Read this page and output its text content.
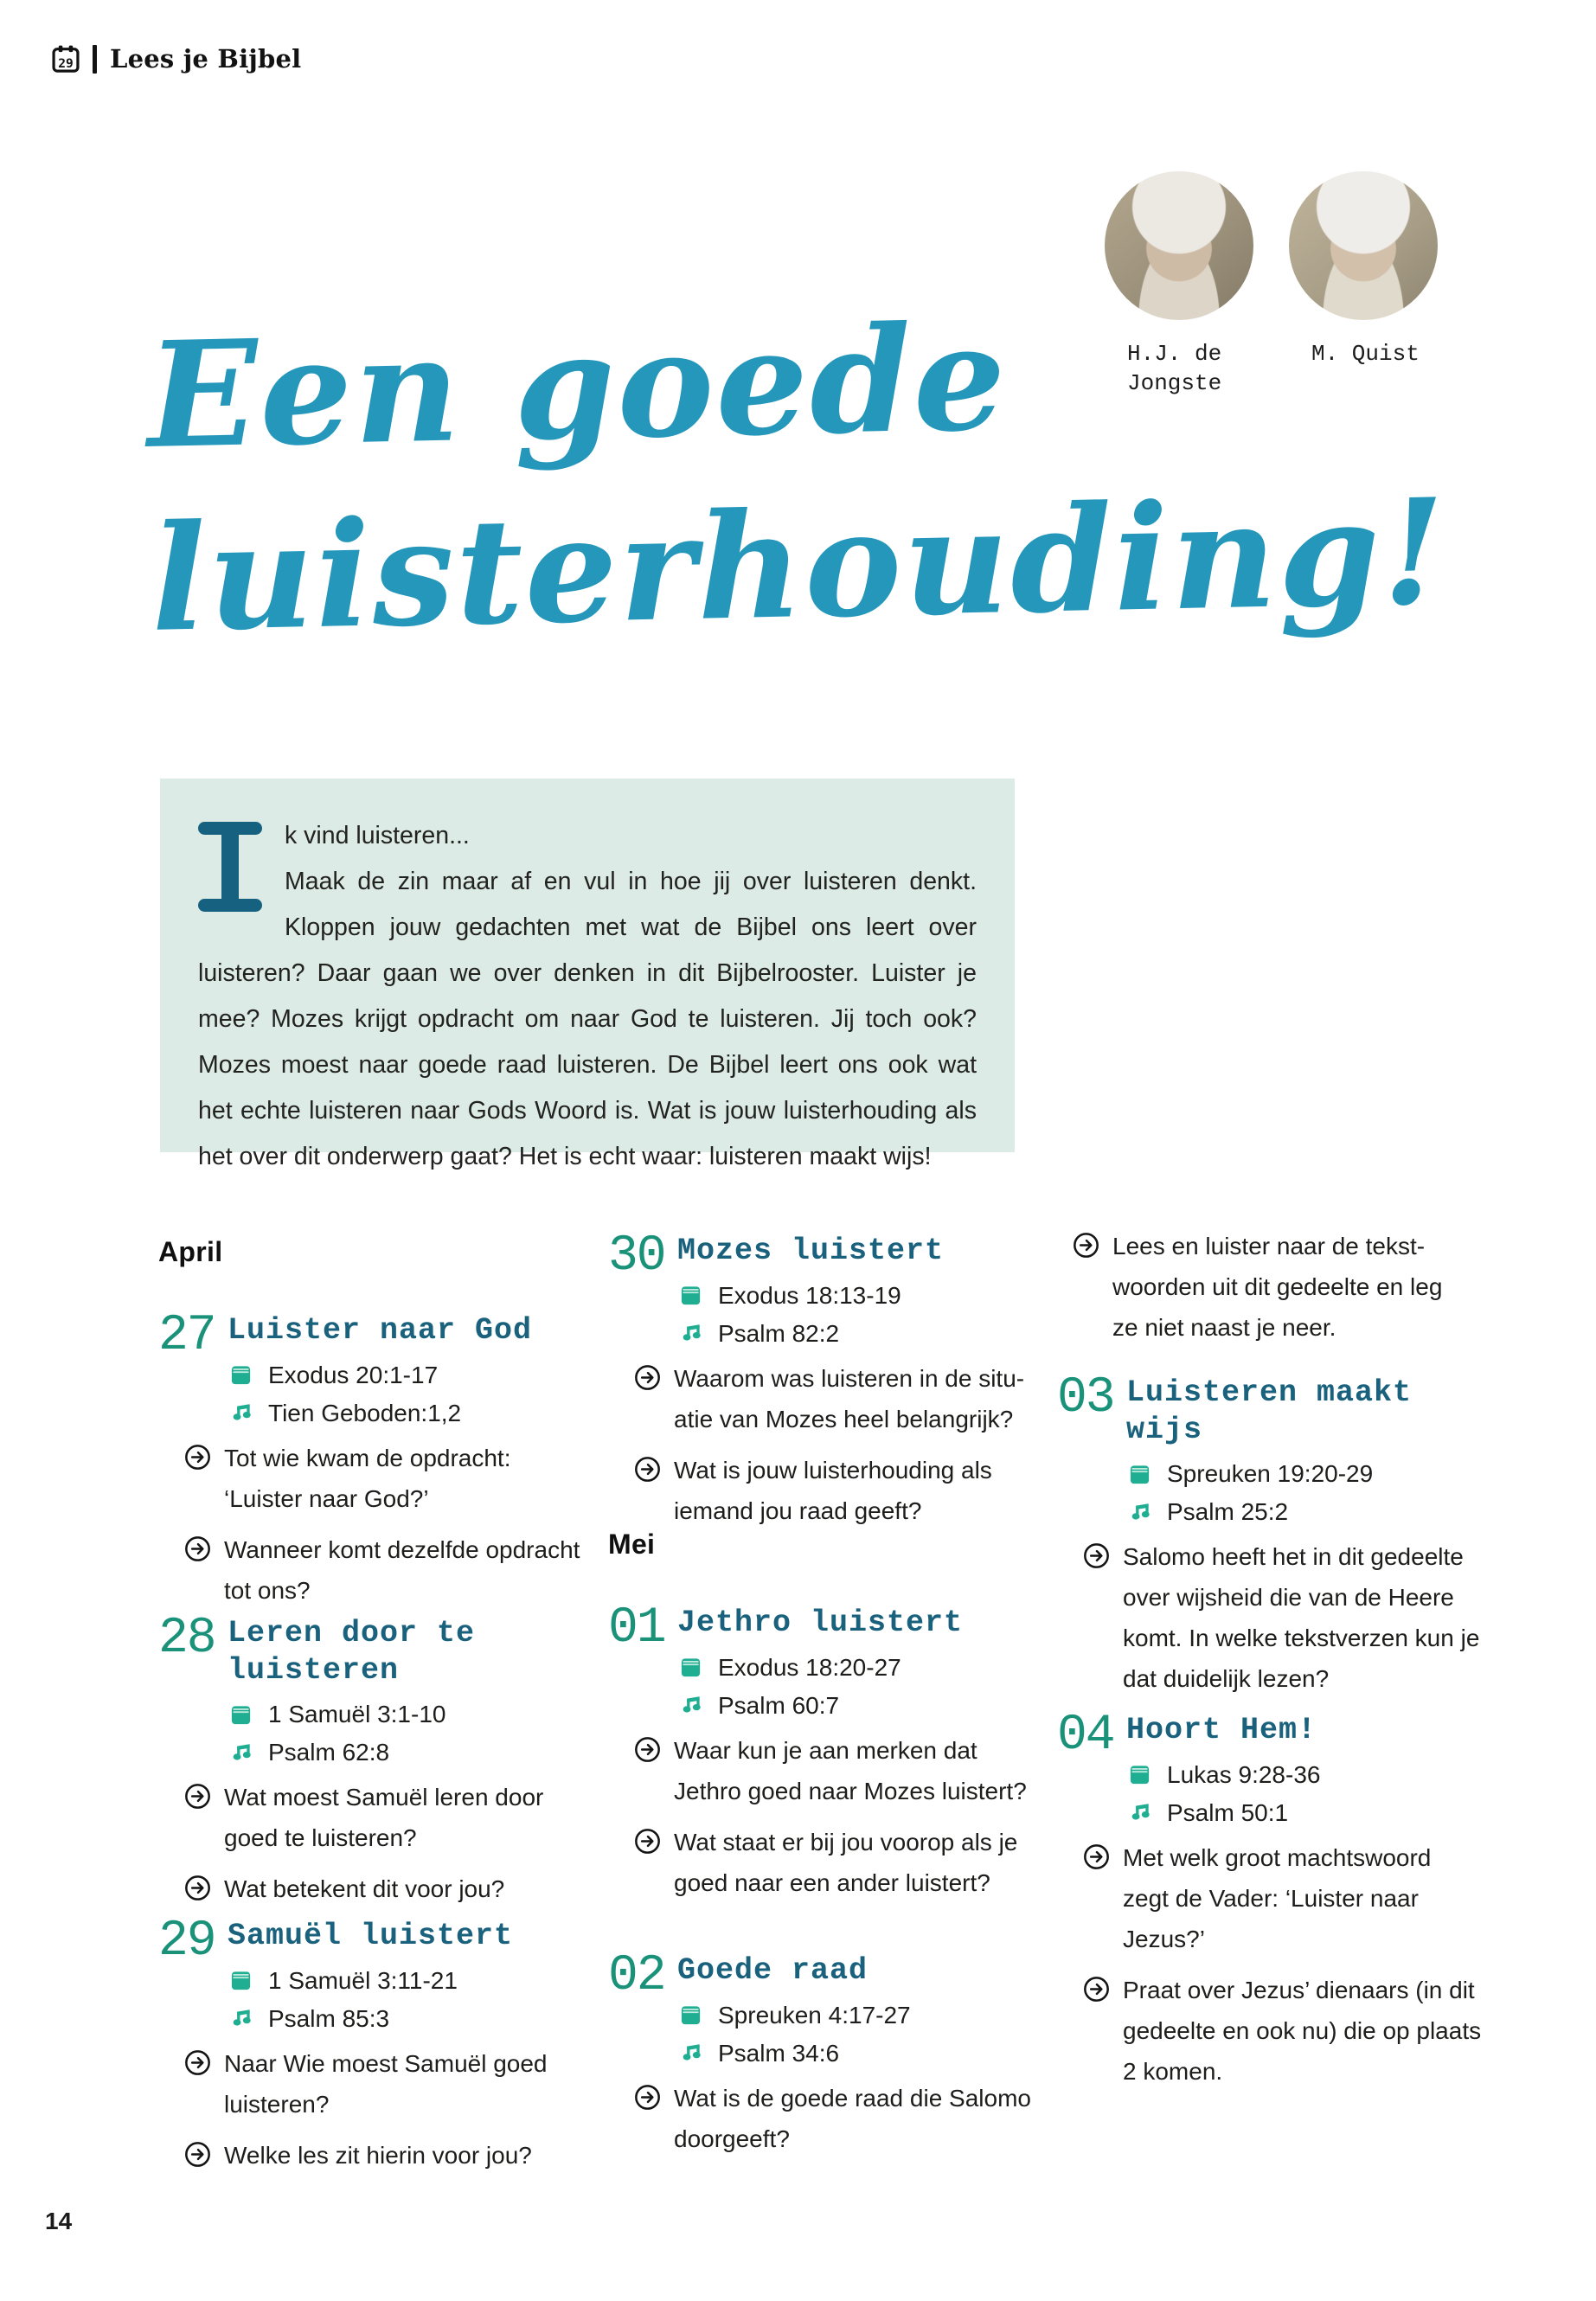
29 Lees je Bijbel
H.J. de Jongste
M. Quist
Een goede
luisterhouding!

k vind luisteren...
Maak de zin maar af en vul in hoe jij over luisteren denkt. Kloppen jouw gedachten met wat de Bijbel ons leert over luisteren? Daar gaan we over denken in dit Bijbelrooster. Luister je mee? Mozes krijgt opdracht om naar God te luisteren. Jij toch ook? Mozes moest naar goede raad luisteren. De Bijbel leert ons ook wat het echte luisteren naar Gods Woord is. Wat is jouw luisterhouding als het over dit onderwerp gaat? Het is echt waar: luisteren maakt wijs!

April
27 Luister naar God
Exodus 20:1-17
Tien Geboden:1,2
Tot wie kwam de opdracht: ‘Luister naar God?’
Wanneer komt dezelfde opdracht tot ons?
28 Leren door te luisteren
1 Samuël 3:1-10
Psalm 62:8
Wat moest Samuël leren door goed te luisteren?
Wat betekent dit voor jou?
29 Samuël luistert
1 Samuël 3:11-21
Psalm 85:3
Naar Wie moest Samuël goed luisteren?
Welke les zit hierin voor jou?
30 Mozes luistert
Exodus 18:13-19
Psalm 82:2
Waarom was luisteren in de situatie van Mozes heel belangrijk?
Wat is jouw luisterhouding als iemand jou raad geeft?
Mei
01 Jethro luistert
Exodus 18:20-27
Psalm 60:7
Waar kun je aan merken dat Jethro goed naar Mozes luistert?
Wat staat er bij jou voorop als je goed naar een ander luistert?
02 Goede raad
Spreuken 4:17-27
Psalm 34:6
Wat is de goede raad die Salomo doorgeeft?
Lees en luister naar de tekstwoorden uit dit gedeelte en leg ze niet naast je neer.
03 Luisteren maakt wijs
Spreuken 19:20-29
Psalm 25:2
Salomo heeft het in dit gedeelte over wijsheid die van de Heere komt. In welke tekstverzen kun je dat duidelijk lezen?
04 Hoort Hem!
Lukas 9:28-36
Psalm 50:1
Met welk groot machtswoord zegt de Vader: ‘Luister naar Jezus?’
Praat over Jezus’ dienaars (in dit gedeelte en ook nu) die op plaats 2 komen.
14
